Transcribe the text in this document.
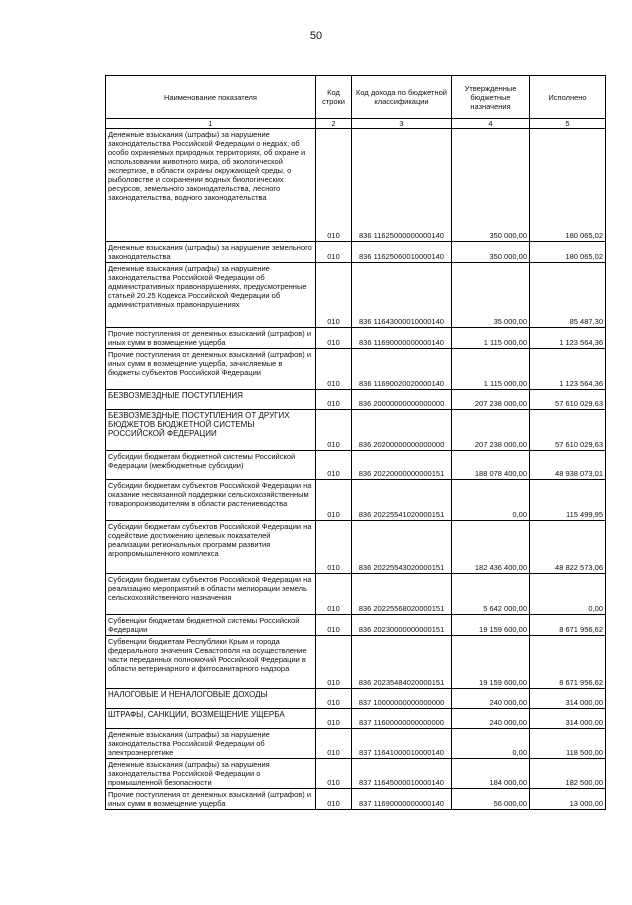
50
Наименование показателя	Код строки	Код дохода по бюджетной классификации	Утвержденные бюджетные назначения	Исполнено
1	2	3	4	5
Денежные взыскания (штрафы) за нарушение законодательства Российской Федерации о недрах, об особо охраняемых природных территориях, об охране и использовании животного мира, об экологической экспертизе, в области охраны окружающей среды, о рыболовстве и сохранении водных биологических ресурсов, земельного законодательства, лесного законодательства, водного законодательства	010	836 11625000000000140	350 000,00	180 065,02
Денежные взыскания (штрафы) за нарушение земельного законодательства	010	836 11625060010000140	350 000,00	180 065,02
Денежные взыскания (штрафы) за нарушение законодательства Российской Федерации об административных правонарушениях, предусмотренные статьей 20.25 Кодекса Российской Федерации об административных правонарушениях	010	836 11643000010000140	35 000,00	85 487,30
Прочие поступления от денежных взысканий (штрафов) и иных сумм в возмещение ущерба	010	836 11690000000000140	1 115 000,00	1 123 564,36
Прочие поступления от денежных взысканий (штрафов) и иных сумм в возмещение ущерба, зачисляемые в бюджеты субъектов Российской Федерации	010	836 11690020020000140	1 115 000,00	1 123 564,36
БЕЗВОЗМЕЗДНЫЕ ПОСТУПЛЕНИЯ	010	836 20000000000000000	207 238 000,00	57 610 029,63
БЕЗВОЗМЕЗДНЫЕ ПОСТУПЛЕНИЯ ОТ ДРУГИХ БЮДЖЕТОВ БЮДЖЕТНОЙ СИСТЕМЫ РОССИЙСКОЙ ФЕДЕРАЦИИ	010	836 20200000000000000	207 238 000,00	57 610 029,63
Субсидии бюджетам бюджетной системы Российской Федерации (межбюджетные субсидии)	010	836 20220000000000151	188 078 400,00	48 938 073,01
Субсидии бюджетам субъектов Российской Федерации на оказание несвязанной поддержки сельскохозяйственным товаропроизводителям в области растениеводства	010	836 20225541020000151	0,00	115 499,95
Субсидии бюджетам субъектов Российской Федерации на содействие достижению целевых показателей реализации региональных программ развития агропромышленного комплекса	010	836 20225543020000151	182 436 400,00	48 822 573,06
Субсидии бюджетам субъектов Российской Федерации на реализацию мероприятий в области мелиорации земель сельскохозяйственного назначения	010	836 20225568020000151	5 642 000,00	0,00
Субвенции бюджетам бюджетной системы Российской Федерации	010	836 20230000000000151	19 159 600,00	8 671 956,62
Субвенции бюджетам Республики Крым и города федерального значения Севастополя на осуществление части переданных полномочий Российской Федерации в области ветеринарного и фитосанитарного надзора	010	836 20235484020000151	19 159 600,00	8 671 956,62
НАЛОГОВЫЕ И НЕНАЛОГОВЫЕ ДОХОДЫ	010	837 10000000000000000	240 000,00	314 000,00
ШТРАФЫ, САНКЦИИ, ВОЗМЕЩЕНИЕ УЩЕРБА	010	837 11600000000000000	240 000,00	314 000,00
Денежные взыскания (штрафы) за нарушение законодательства Российской Федерации об электроэнергетике	010	837 11641000010000140	0,00	118 500,00
Денежные взыскания (штрафы) за нарушения законодательства Российской Федерации о промышленной безопасности	010	837 11645000010000140	184 000,00	182 500,00
Прочие поступления от денежных взысканий (штрафов) и иных сумм в возмещение ущерба	010	837 11690000000000140	56 000,00	13 000,00
